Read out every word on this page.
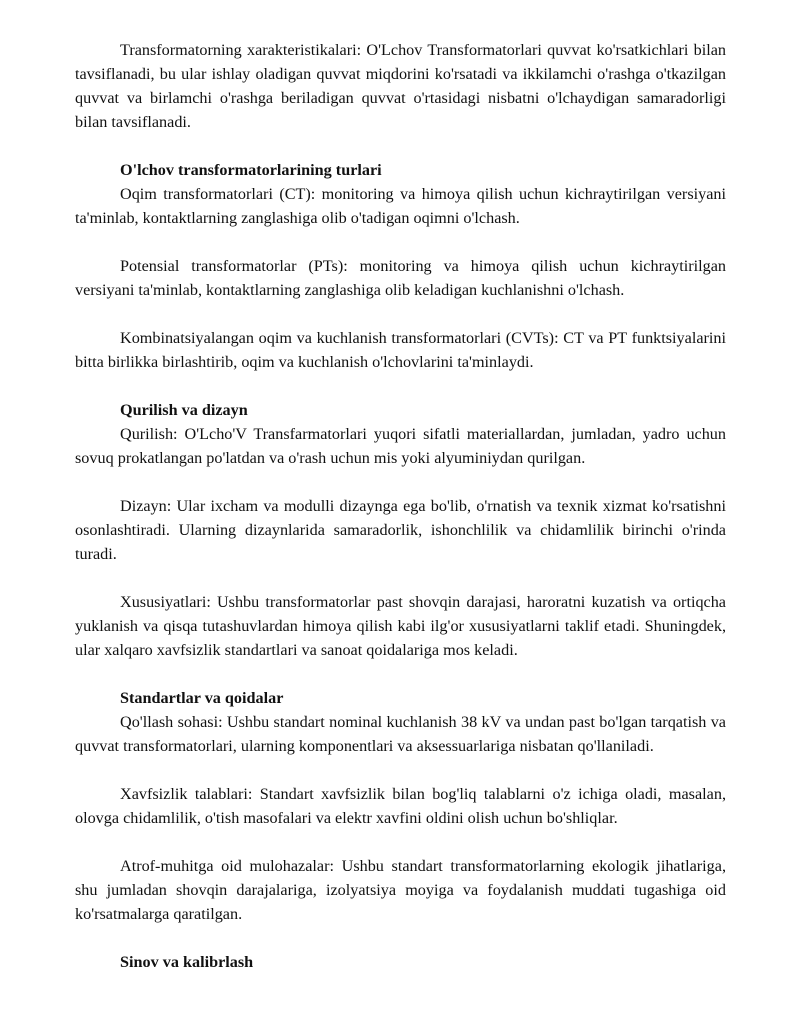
Transformatorning xarakteristikalari: O'Lchov Transformatorlari quvvat ko'rsatkichlari bilan tavsiflanadi, bu ular ishlay oladigan quvvat miqdorini ko'rsatadi va ikkilamchi o'rashga o'tkazilgan quvvat va birlamchi o'rashga beriladigan quvvat o'rtasidagi nisbatni o'lchaydigan samaradorligi bilan tavsiflanadi.

O'lchov transformatorlarining turlari

Oqim transformatorlari (CT): monitoring va himoya qilish uchun kichraytirilgan versiyani ta'minlab, kontaktlarning zanglashiga olib o'tadigan oqimni o'lchash.

Potensial transformatorlar (PTs): monitoring va himoya qilish uchun kichraytirilgan versiyani ta'minlab, kontaktlarning zanglashiga olib keladigan kuchlanishni o'lchash.

Kombinatsiyalangan oqim va kuchlanish transformatorlari (CVTs): CT va PT funktsiyalarini bitta birlikka birlashtirib, oqim va kuchlanish o'lchovlarini ta'minlaydi.

Qurilish va dizayn

Qurilish: O'Lcho'V Transfarmatorlari yuqori sifatli materiallardan, jumladan, yadro uchun sovuq prokatlangan po'latdan va o'rash uchun mis yoki alyuminiydan qurilgan.

Dizayn: Ular ixcham va modulli dizaynga ega bo'lib, o'rnatish va texnik xizmat ko'rsatishni osonlashtiradi. Ularning dizaynlarida samaradorlik, ishonchlilik va chidamlilik birinchi o'rinda turadi.

Xususiyatlari: Ushbu transformatorlar past shovqin darajasi, haroratni kuzatish va ortiqcha yuklanish va qisqa tutashuvlardan himoya qilish kabi ilg'or xususiyatlarni taklif etadi. Shuningdek, ular xalqaro xavfsizlik standartlari va sanoat qoidalariga mos keladi.

Standartlar va qoidalar

Qo'llash sohasi: Ushbu standart nominal kuchlanish 38 kV va undan past bo'lgan tarqatish va quvvat transformatorlari, ularning komponentlari va aksessuarlariga nisbatan qo'llaniladi.

Xavfsizlik talablari: Standart xavfsizlik bilan bog'liq talablarni o'z ichiga oladi, masalan, olovga chidamlilik, o'tish masofalari va elektr xavfini oldini olish uchun bo'shliqlar.

Atrof-muhitga oid mulohazalar: Ushbu standart transformatorlarning ekologik jihatlariga, shu jumladan shovqin darajalariga, izolyatsiya moyiga va foydalanish muddati tugashiga oid ko'rsatmalarga qaratilgan.

Sinov va kalibrlash
